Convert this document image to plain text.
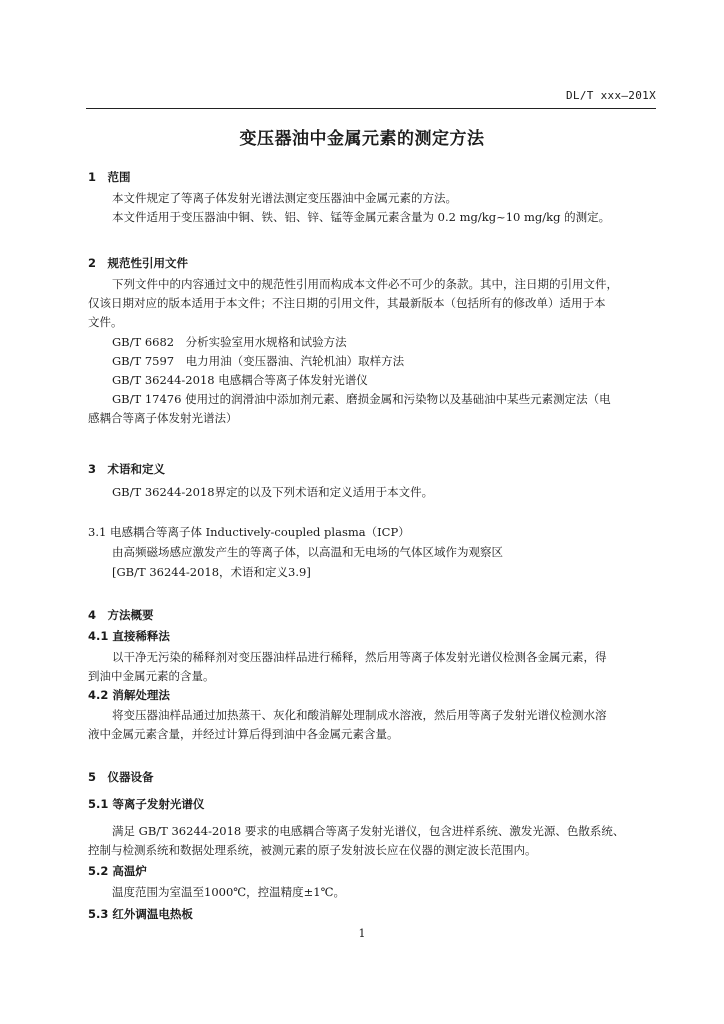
DL/T xxx—201X
变压器油中金属元素的测定方法
1　范围
本文件规定了等离子体发射光谱法测定变压器油中金属元素的方法。
本文件适用于变压器油中铜、铁、铝、锌、锰等金属元素含量为 0.2 mg/kg~10 mg/kg 的测定。
2　规范性引用文件
下列文件中的内容通过文中的规范性引用而构成本文件必不可少的条款。其中，注日期的引用文件，
仅该日期对应的版本适用于本文件；不注日期的引用文件，其最新版本（包括所有的修改单）适用于本
文件。
GB/T 6682　分析实验室用水规格和试验方法
GB/T 7597　电力用油（变压器油、汽轮机油）取样方法
GB/T 36244-2018 电感耦合等离子体发射光谱仪
GB/T 17476 使用过的润滑油中添加剂元素、磨损金属和污染物以及基础油中某些元素测定法（电
感耦合等离子体发射光谱法）
3　术语和定义
GB/T 36244-2018界定的以及下列术语和定义适用于本文件。
3.1 电感耦合等离子体 Inductively-coupled plasma（ICP）
由高频磁场感应激发产生的等离子体，以高温和无电场的气体区域作为观察区
[GB/T 36244-2018，术语和定义3.9]
4　方法概要
4.1 直接稀释法
以干净无污染的稀释剂对变压器油样品进行稀释，然后用等离子体发射光谱仪检测各金属元素，得
到油中金属元素的含量。
4.2 消解处理法
将变压器油样品通过加热蒸干、灰化和酸消解处理制成水溶液，然后用等离子发射光谱仪检测水溶
液中金属元素含量，并经过计算后得到油中各金属元素含量。
5　仪器设备
5.1 等离子发射光谱仪
满足 GB/T 36244-2018 要求的电感耦合等离子发射光谱仪，包含进样系统、激发光源、色散系统、
控制与检测系统和数据处理系统，被测元素的原子发射波长应在仪器的测定波长范围内。
5.2 高温炉
温度范围为室温至1000℃，控温精度±1℃。
5.3 红外调温电热板
1
